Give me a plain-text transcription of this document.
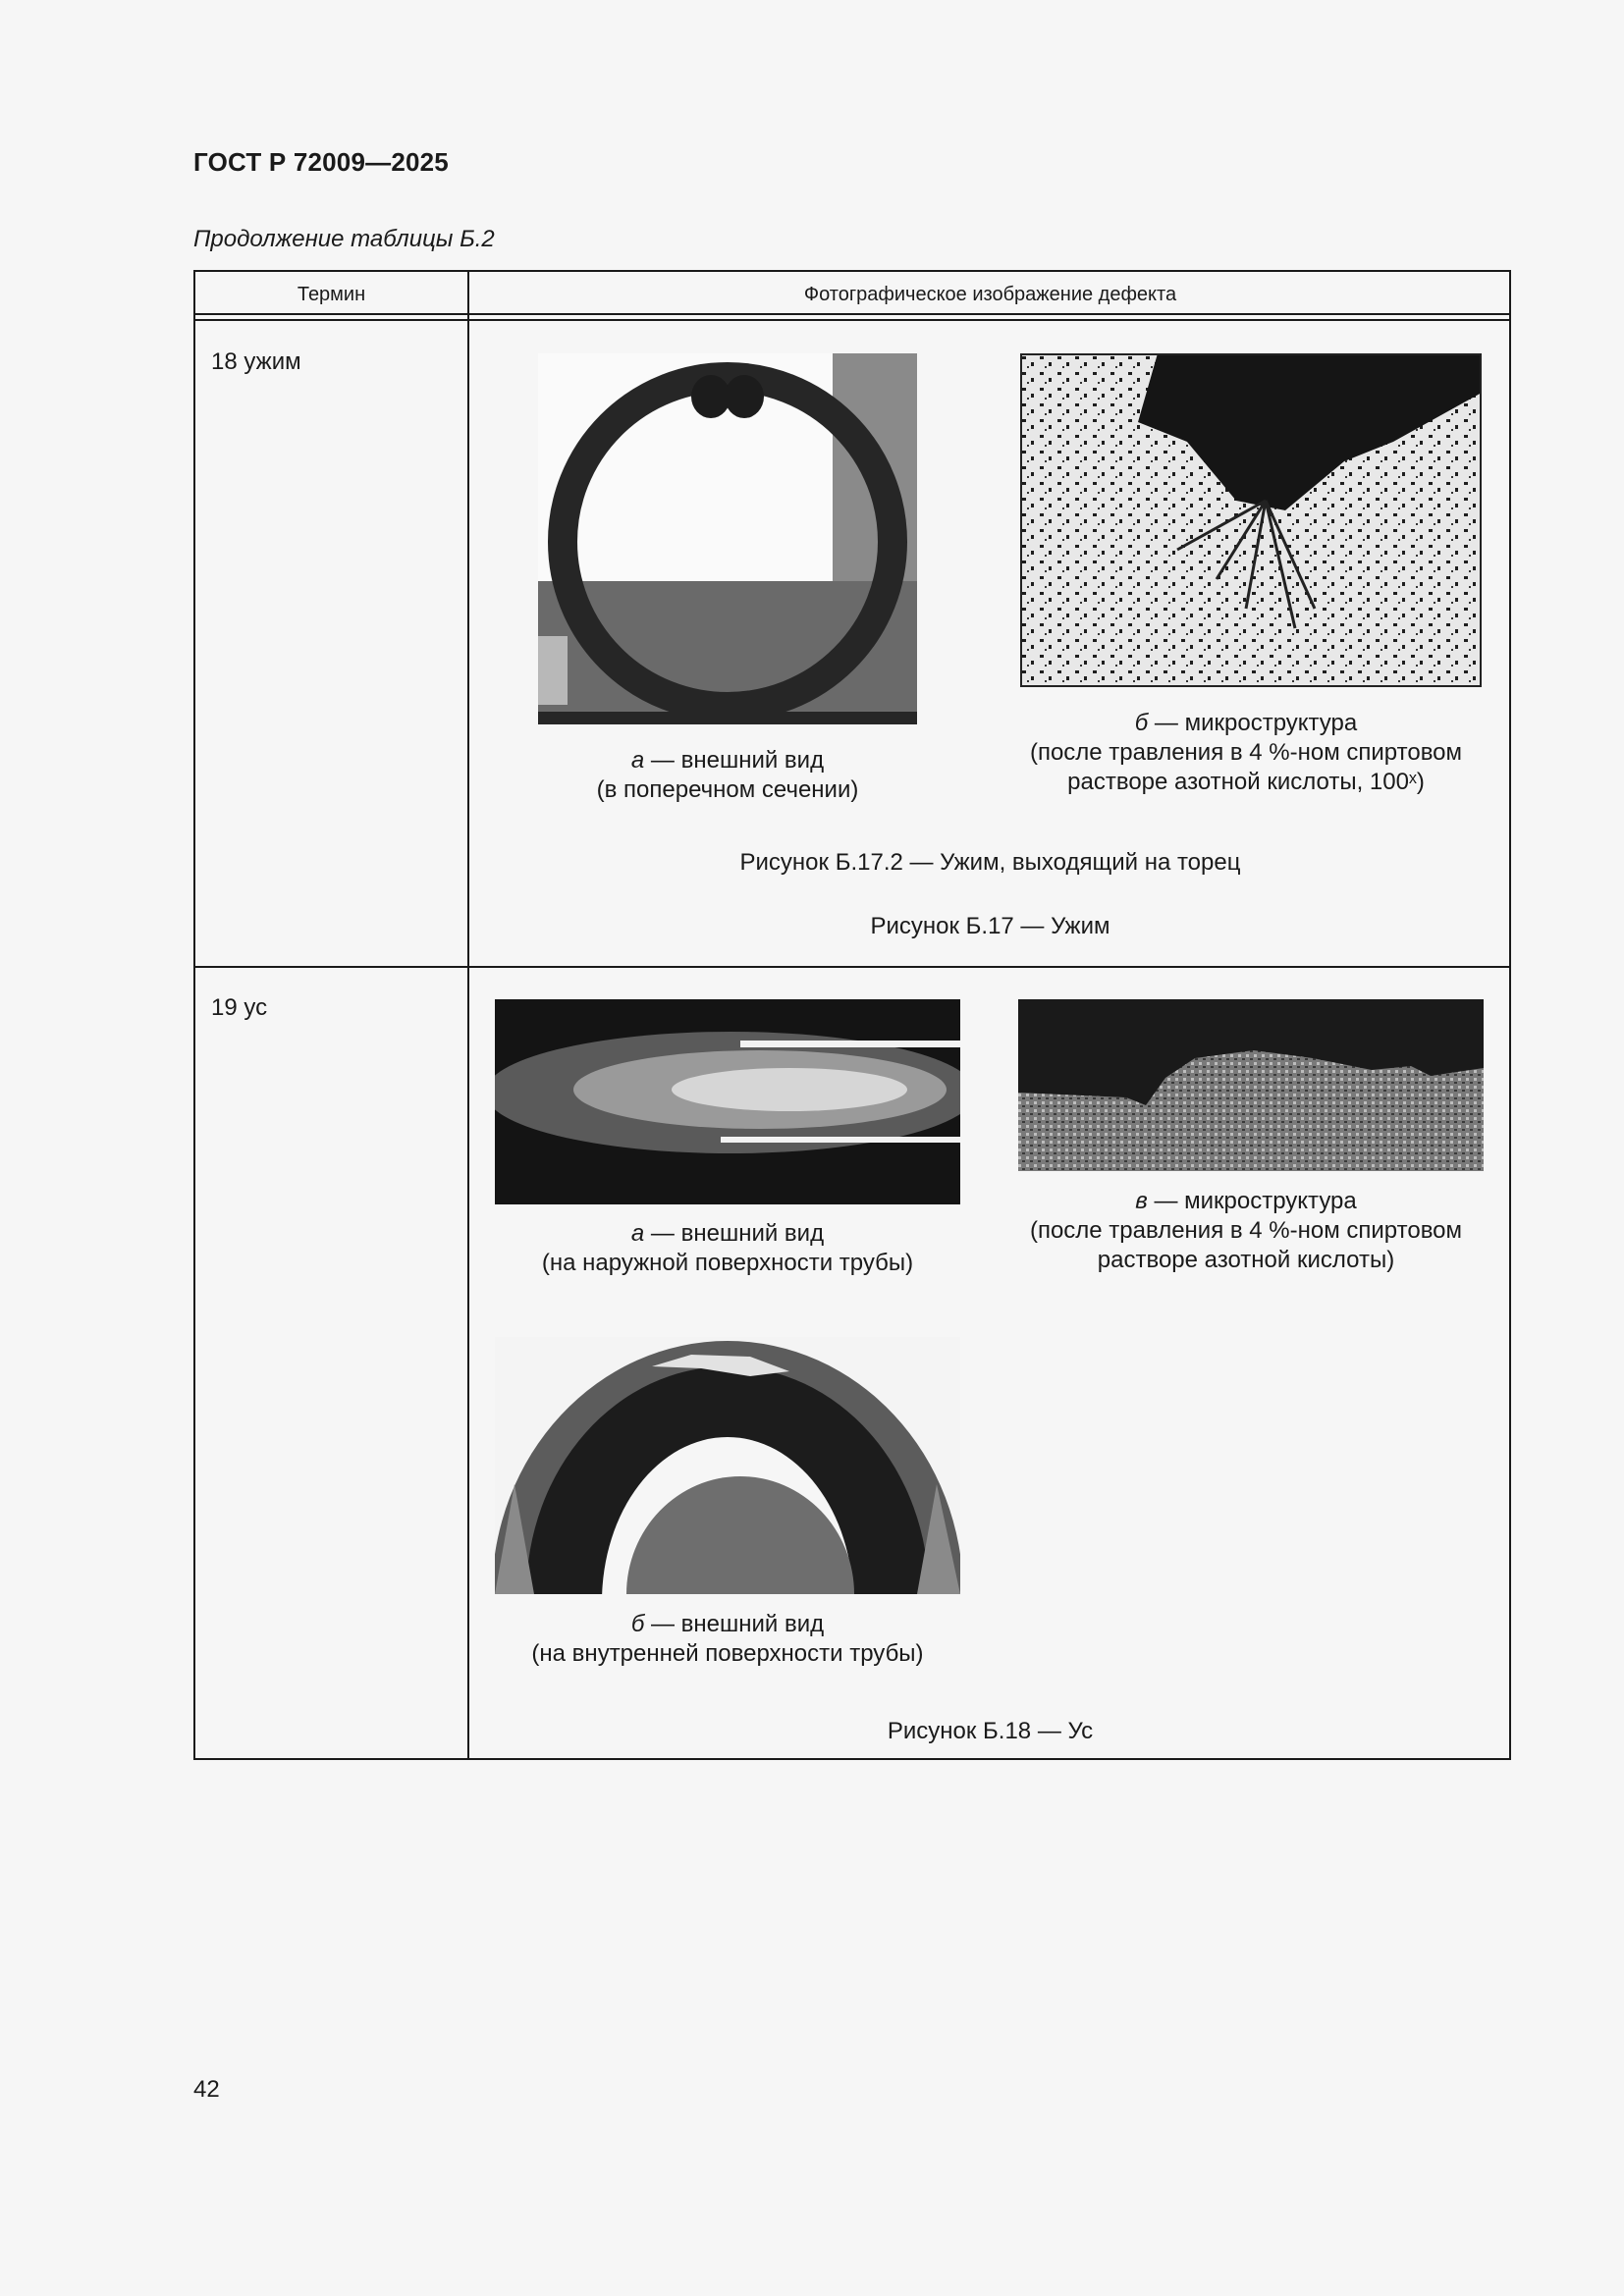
ГОСТ Р 72009—2025
Продолжение таблицы Б.2
Термин	Фотографическое изображение дефекта
18 ужим
а — внешний вид
(в поперечном сечении)
б — микроструктура
(после травления в 4 %-ном спиртовом
растворе азотной кислоты, 100ˣ)
Рисунок Б.17.2 — Ужим, выходящий на торец
Рисунок Б.17 — Ужим
19 ус
а — внешний вид
(на наружной поверхности трубы)
в — микроструктура
(после травления в 4 %-ном спиртовом
растворе азотной кислоты)
б — внешний вид
(на внутренней поверхности трубы)
Рисунок Б.18 — Ус
42
